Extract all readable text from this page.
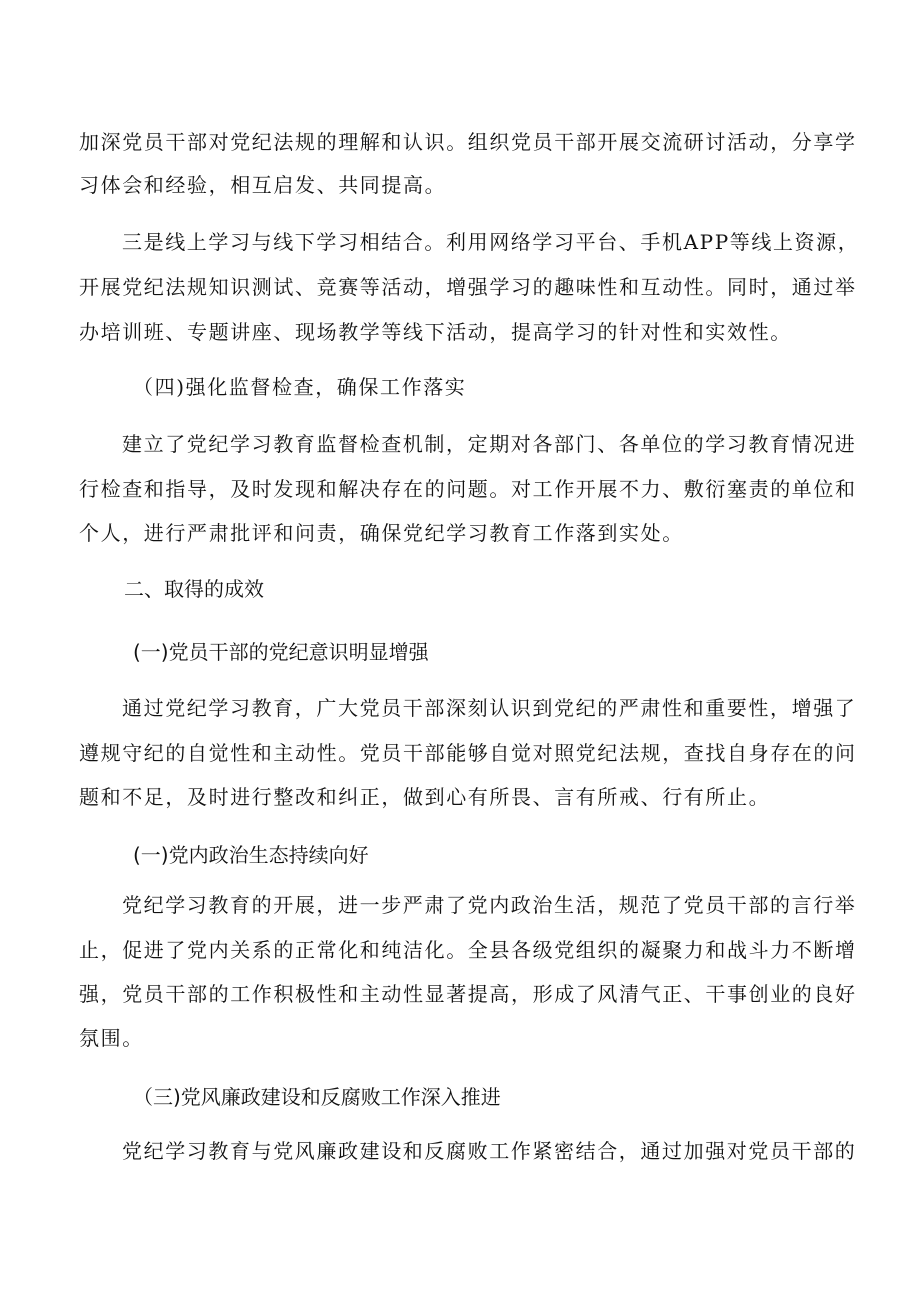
加深党员干部对党纪法规的理解和认识。组织党员干部开展交流研讨活动，分享学
习体会和经验，相互启发、共同提高。
三是线上学习与线下学习相结合。利用网络学习平台、手机APP等线上资源，
开展党纪法规知识测试、竞赛等活动，增强学习的趣味性和互动性。同时，通过举
办培训班、专题讲座、现场教学等线下活动，提高学习的针对性和实效性。
（四)强化监督检查，确保工作落实
建立了党纪学习教育监督检查机制，定期对各部门、各单位的学习教育情况进
行检查和指导，及时发现和解决存在的问题。对工作开展不力、敷衍塞责的单位和
个人，进行严肃批评和问责，确保党纪学习教育工作落到实处。
二、取得的成效
(一)党员干部的党纪意识明显增强
通过党纪学习教育，广大党员干部深刻认识到党纪的严肃性和重要性，增强了
遵规守纪的自觉性和主动性。党员干部能够自觉对照党纪法规，查找自身存在的问
题和不足，及时进行整改和纠正，做到心有所畏、言有所戒、行有所止。
(一)党内政治生态持续向好
党纪学习教育的开展，进一步严肃了党内政治生活，规范了党员干部的言行举
止，促进了党内关系的正常化和纯洁化。全县各级党组织的凝聚力和战斗力不断增
强，党员干部的工作积极性和主动性显著提高，形成了风清气正、干事创业的良好
氛围。
（三)党风廉政建设和反腐败工作深入推进
党纪学习教育与党风廉政建设和反腐败工作紧密结合，通过加强对党员干部的
